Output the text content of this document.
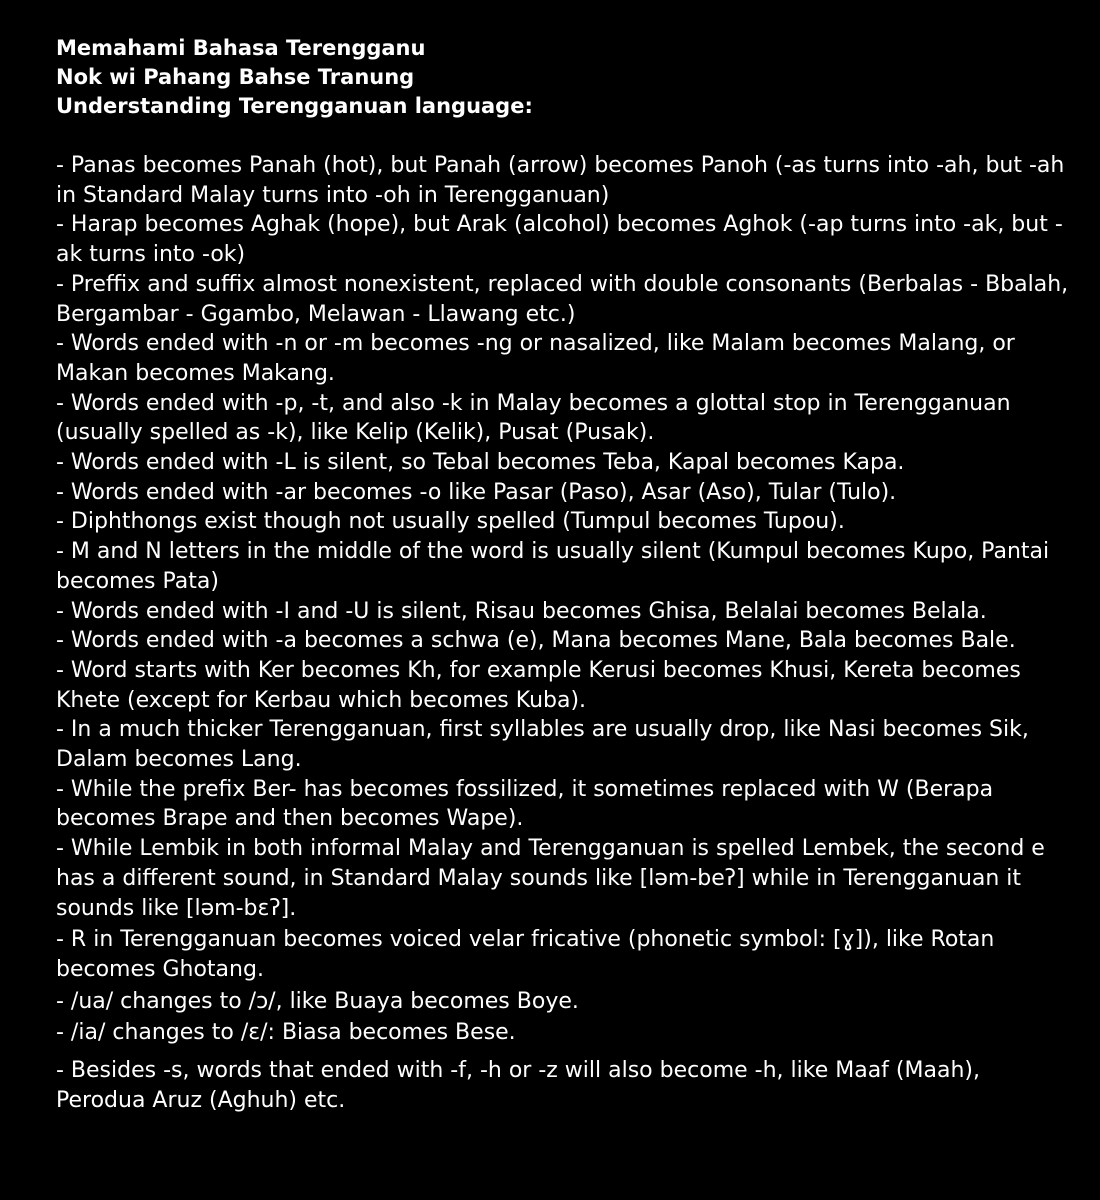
Memahami Bahasa Terengganu
Nok wi Pahang Bahse Tranung
Understanding Terengganuan language:
- Panas becomes Panah (hot), but Panah (arrow) becomes Panoh (-as turns into -ah, but -ah in Standard Malay turns into -oh in Terengganuan)
- Harap becomes Aghak (hope), but Arak (alcohol) becomes Aghok (-ap turns into -ak, but -ak turns into -ok)
- Preffix and suffix almost nonexistent, replaced with double consonants (Berbalas - Bbalah, Bergambar - Ggambo, Melawan - Llawang etc.)
- Words ended with -n or -m becomes -ng or nasalized, like Malam becomes Malang, or Makan becomes Makang.
- Words ended with -p, -t, and also -k in Malay becomes a glottal stop in Terengganuan (usually spelled as -k), like Kelip (Kelik), Pusat (Pusak).
- Words ended with -L is silent, so Tebal becomes Teba, Kapal becomes Kapa.
- Words ended with -ar becomes -o like Pasar (Paso), Asar (Aso), Tular (Tulo).
- Diphthongs exist though not usually spelled (Tumpul becomes Tupou).
- M and N letters in the middle of the word is usually silent (Kumpul becomes Kupo, Pantai becomes Pata)
- Words ended with -I and -U is silent, Risau becomes Ghisa, Belalai becomes Belala.
- Words ended with -a becomes a schwa (e), Mana becomes Mane, Bala becomes Bale.
- Word starts with Ker becomes Kh, for example Kerusi becomes Khusi, Kereta becomes Khete (except for Kerbau which becomes Kuba).
- In a much thicker Terengganuan, first syllables are usually drop, like Nasi becomes Sik, Dalam becomes Lang.
- While the prefix Ber- has becomes fossilized, it sometimes replaced with W (Berapa becomes Brape and then becomes Wape).
- While Lembik in both informal Malay and Terengganuan is spelled Lembek, the second e has a different sound, in Standard Malay sounds like [ləm-beʔ] while in Terengganuan it sounds like [ləm-bɛʔ].
- R in Terengganuan becomes voiced velar fricative (phonetic symbol: [ɣ]), like Rotan becomes Ghotang.
- /ua/ changes to /ɔ/, like Buaya becomes Boye.
- /ia/ changes to /ɛ/: Biasa becomes Bese.
- Besides -s, words that ended with -f, -h or -z will also become -h, like Maaf (Maah), Perodua Aruz (Aghuh) etc.
